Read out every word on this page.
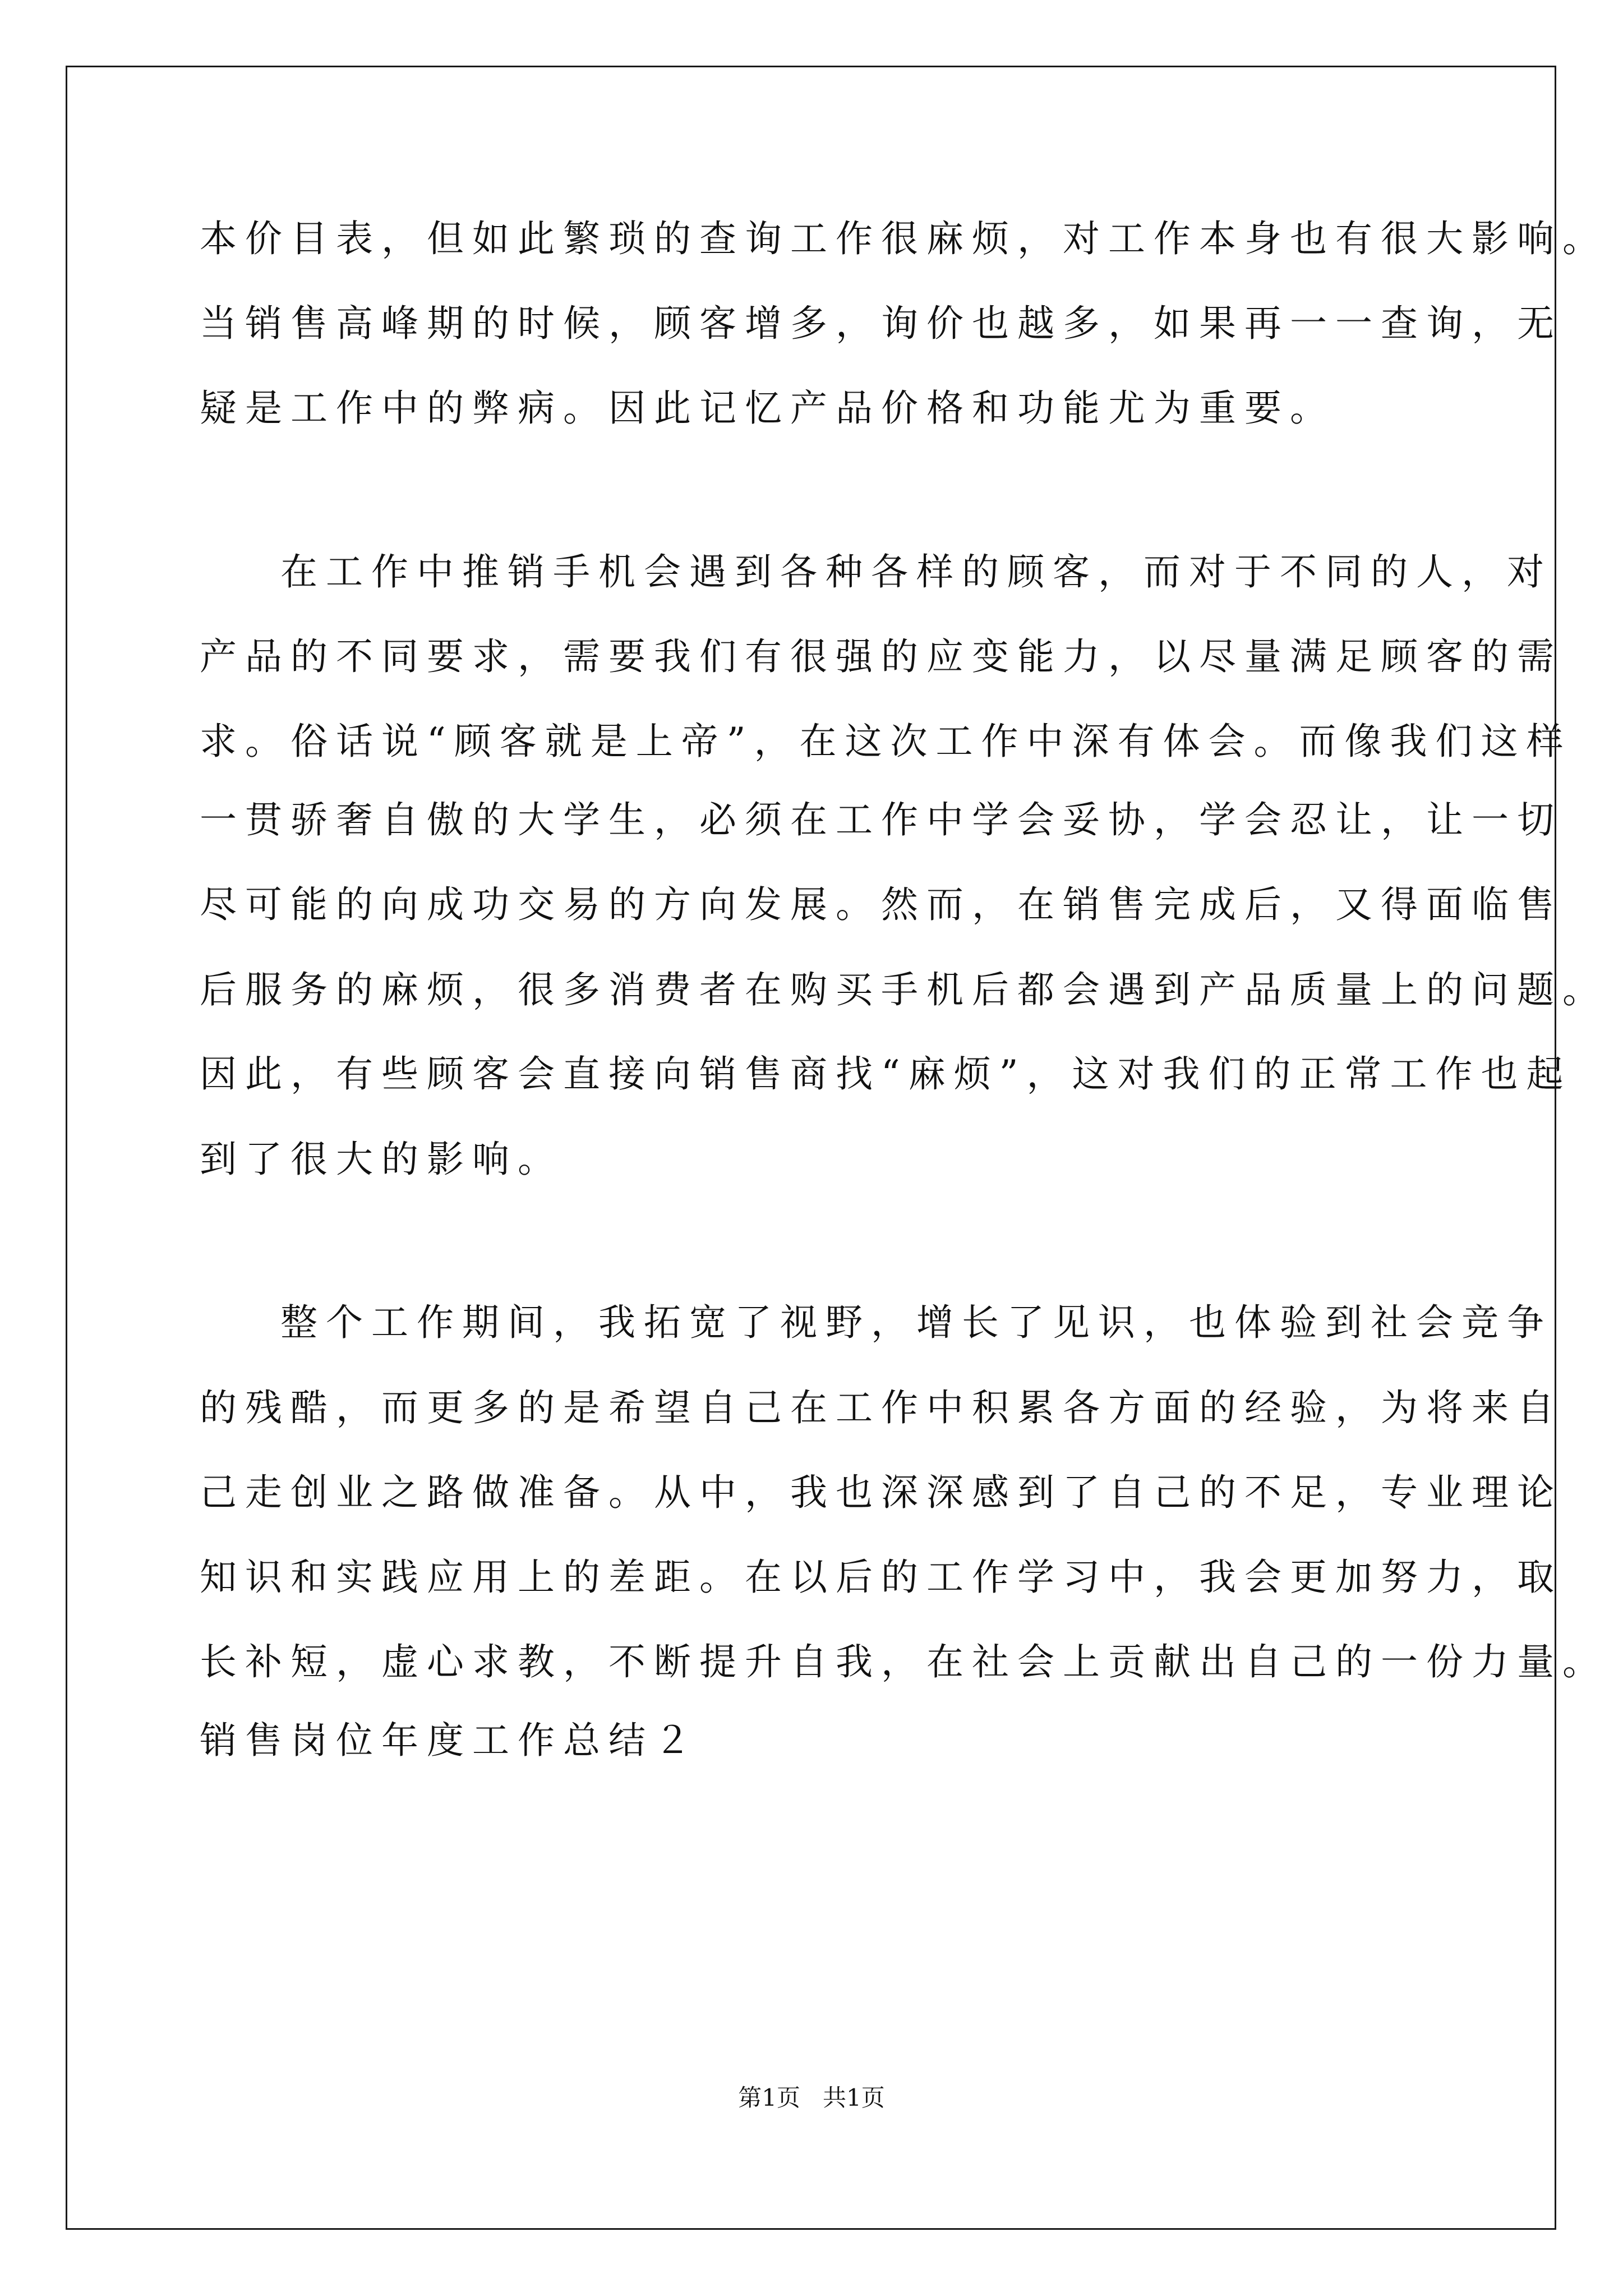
本价目表，但如此繁琐的查询工作很麻烦，对工作本身也有很大影响。
当销售高峰期的时候，顾客增多，询价也越多，如果再一一查询，无
疑是工作中的弊病。因此记忆产品价格和功能尤为重要。
在工作中推销手机会遇到各种各样的顾客，而对于不同的人，对
产品的不同要求，需要我们有很强的应变能力，以尽量满足顾客的需
求。俗话说“顾客就是上帝”，在这次工作中深有体会。而像我们这样
一贯骄奢自傲的大学生，必须在工作中学会妥协，学会忍让，让一切
尽可能的向成功交易的方向发展。然而，在销售完成后，又得面临售
后服务的麻烦，很多消费者在购买手机后都会遇到产品质量上的问题。
因此，有些顾客会直接向销售商找“麻烦”，这对我们的正常工作也起
到了很大的影响。
整个工作期间，我拓宽了视野，增长了见识，也体验到社会竞争
的残酷，而更多的是希望自己在工作中积累各方面的经验，为将来自
己走创业之路做准备。从中，我也深深感到了自己的不足，专业理论
知识和实践应用上的差距。在以后的工作学习中，我会更加努力，取
长补短，虚心求教，不断提升自我，在社会上贡献出自己的一份力量。
销售岗位年度工作总结２
第1页   共1页
